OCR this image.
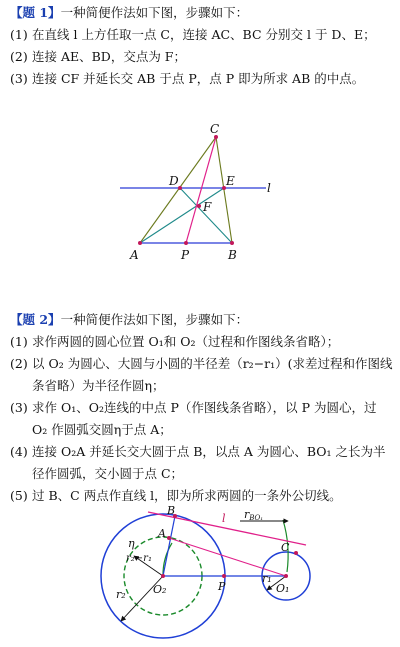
【题 1】一种简便作法如下图，步骤如下：
(1) 在直线 l 上方任取一点 C，连接 AC、BC 分别交 l 于 D、E；
(2) 连接 AE、BD，交点为 F；
(3) 连接 CF 并延长交 AB 于点 P，点 P 即为所求 AB 的中点。
C
D	E
F
A	P	B
l
【题 2】一种简便作法如下图，步骤如下：
(1) 求作两圆的圆心位置 O₁和 O₂（过程和作图线条省略）；
(2) 以 O₂ 为圆心、大圆与小圆的半径差（r₂−r₁）(求差过程和作图线条省略）为半径作圆η；
(3) 求作 O₁、O₂连线的中点 P（作图线条省略），以 P 为圆心，过 O₂ 作圆弧交圆η于点 A；
(4) 连接 O₂A 并延长交大圆于点 B，以点 A 为圆心、BO₁ 之长为半径作圆弧，交小圆于点 C；
(5) 过 B、C 两点作直线 l，即为所求两圆的一条外公切线。
B
A
C
l
P
O₂	O₁
η
r₂−r₁
r₂
r₁
rBO₁
